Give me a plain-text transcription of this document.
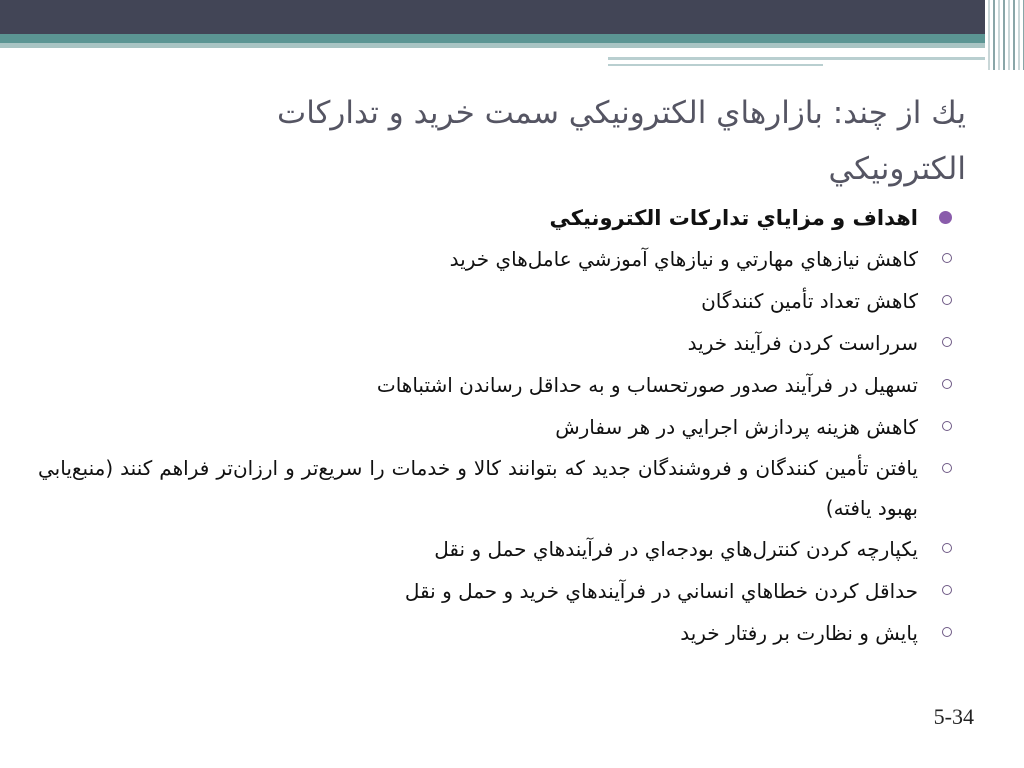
يك از چند: بازارهاي الكترونيكي سمت خريد و تداركات الكترونيكي
اهداف و مزاياي تداركات الكترونيكي
كاهش نيازهاي مهارتي و نيازهاي آموزشي عامل‌هاي خريد
كاهش تعداد تأمين كنندگان
سرراست كردن فرآيند خريد
تسهيل در فرآيند صدور صورتحساب و به حداقل رساندن اشتباهات
كاهش هزينه پردازش اجرايي در هر سفارش
يافتن تأمين كنندگان و فروشندگان جديد كه بتوانند كالا و خدمات را سريع‌تر و ارزان‌تر فراهم كنند (منبع‌يابي بهبود يافته)
يكپارچه كردن كنترل‌هاي بودجه‌اي در فرآيندهاي حمل و نقل
حداقل كردن خطاهاي انساني در فرآيندهاي خريد و حمل و نقل
پايش و نظارت بر رفتار خريد
5-34
